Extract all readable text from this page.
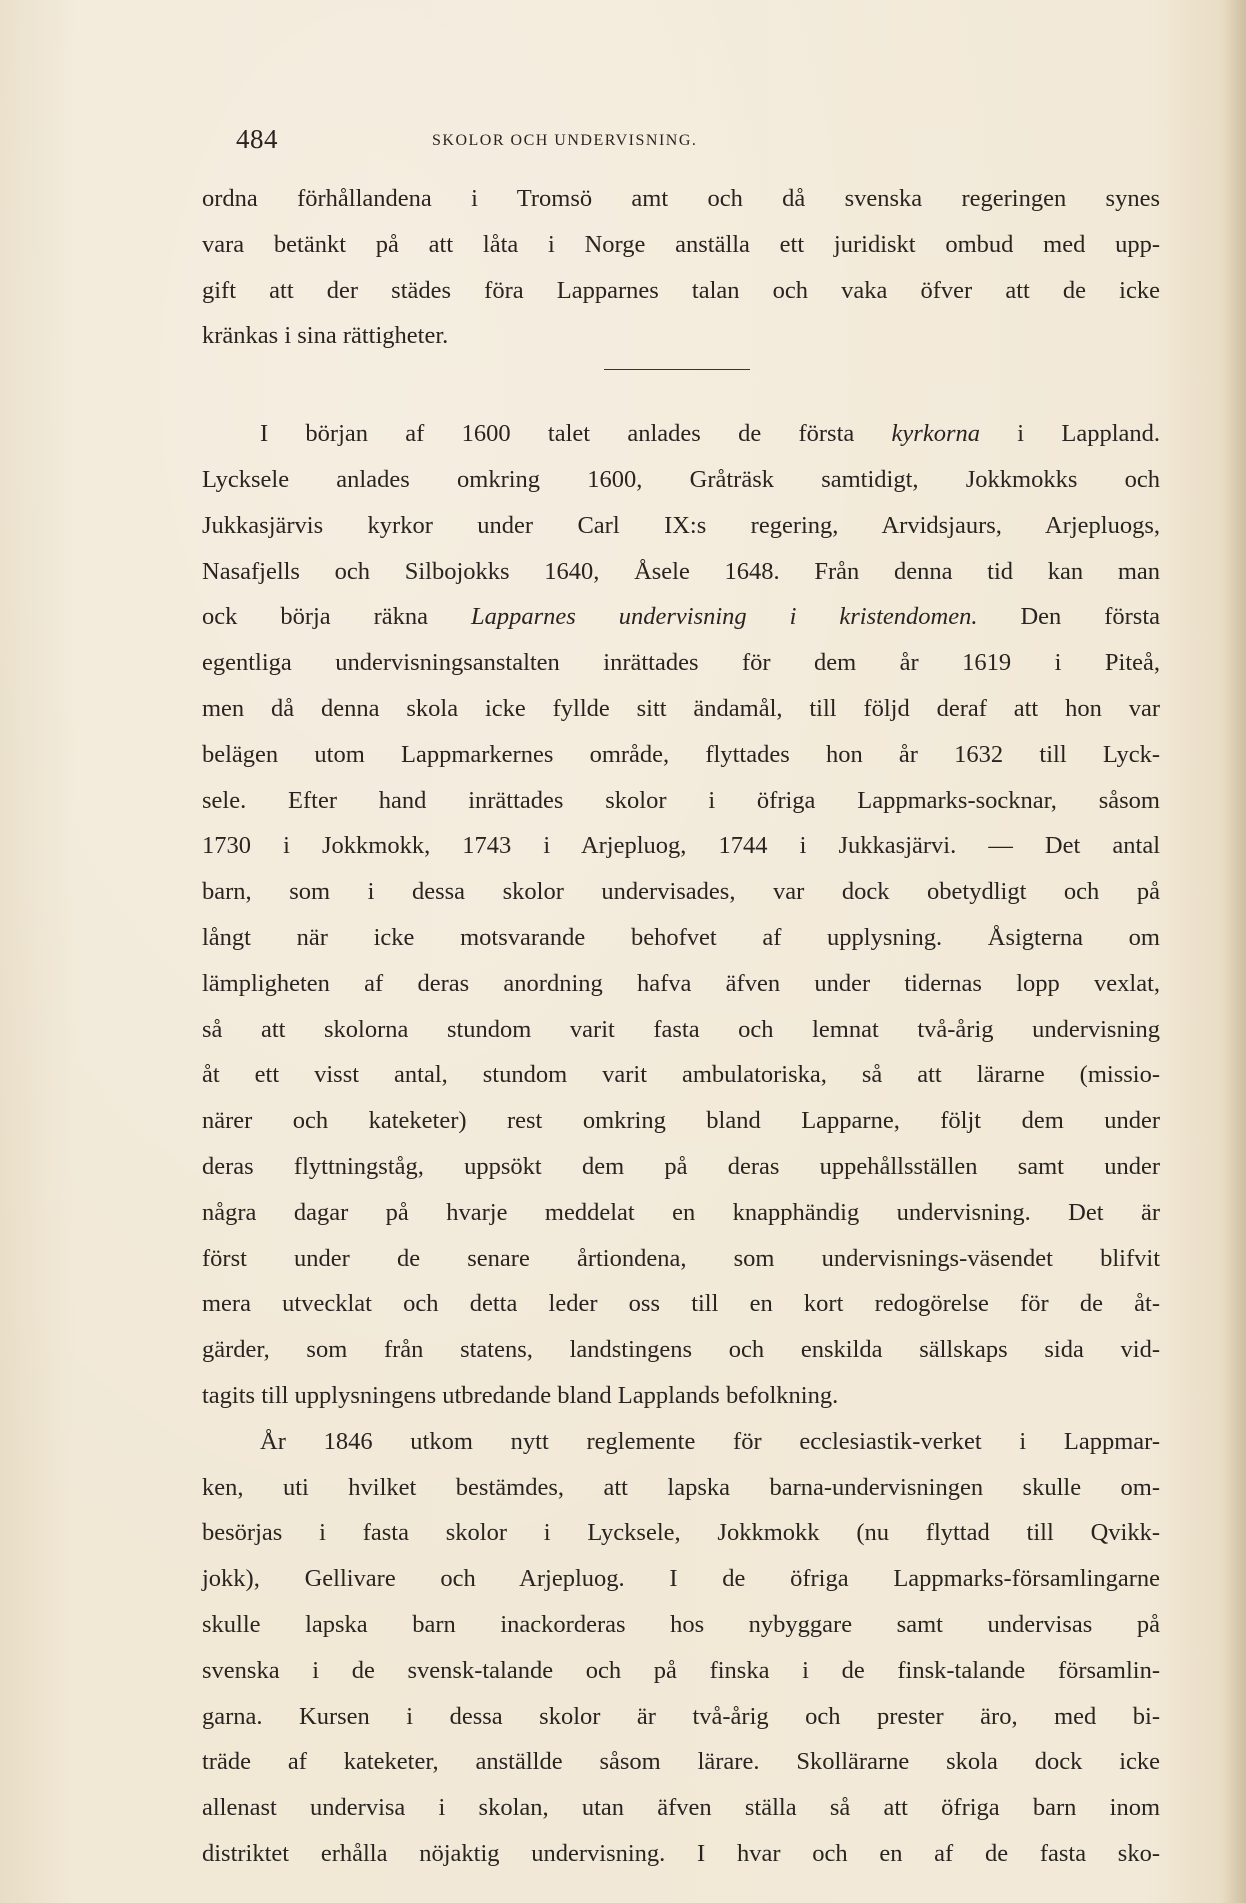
484	SKOLOR OCH UNDERVISNING.
ordna förhållandena i Tromsö amt och då svenska regeringen synes
vara betänkt på att låta i Norge anställa ett juridiskt ombud med upp-
gift att der städes föra Lapparnes talan och vaka öfver att de icke
kränkas i sina rättigheter.
I början af 1600 talet anlades de första kyrkorna i Lappland.
Lycksele anlades omkring 1600, Gråträsk samtidigt, Jokkmokks och
Jukkasjärvis kyrkor under Carl IX:s regering, Arvidsjaurs, Arjepluogs,
Nasafjells och Silbojokks 1640, Åsele 1648. Från denna tid kan man
ock börja räkna Lapparnes undervisning i kristendomen. Den första
egentliga undervisningsanstalten inrättades för dem år 1619 i Piteå,
men då denna skola icke fyllde sitt ändamål, till följd deraf att hon var
belägen utom Lappmarkernes område, flyttades hon år 1632 till Lyck-
sele. Efter hand inrättades skolor i öfriga Lappmarks-socknar, såsom
1730 i Jokkmokk, 1743 i Arjepluog, 1744 i Jukkasjärvi. — Det antal
barn, som i dessa skolor undervisades, var dock obetydligt och på
långt när icke motsvarande behofvet af upplysning. Åsigterna om
lämpligheten af deras anordning hafva äfven under tidernas lopp vexlat,
så att skolorna stundom varit fasta och lemnat två-årig undervisning
åt ett visst antal, stundom varit ambulatoriska, så att lärarne (missio-
närer och kateketer) rest omkring bland Lapparne, följt dem under
deras flyttningståg, uppsökt dem på deras uppehållsställen samt under
några dagar på hvarje meddelat en knapphändig undervisning. Det är
först under de senare årtiondena, som undervisnings-väsendet blifvit
mera utvecklat och detta leder oss till en kort redogörelse för de åt-
gärder, som från statens, landstingens och enskilda sällskaps sida vid-
tagits till upplysningens utbredande bland Lapplands befolkning.
År 1846 utkom nytt reglemente för ecclesiastik-verket i Lappmar-
ken, uti hvilket bestämdes, att lapska barna-undervisningen skulle om-
besörjas i fasta skolor i Lycksele, Jokkmokk (nu flyttad till Qvikk-
jokk), Gellivare och Arjepluog. I de öfriga Lappmarks-församlingarne
skulle lapska barn inackorderas hos nybyggare samt undervisas på
svenska i de svensk-talande och på finska i de finsk-talande församlin-
garna. Kursen i dessa skolor är två-årig och prester äro, med bi-
träde af kateketer, anställde såsom lärare. Skollärarne skola dock icke
allenast undervisa i skolan, utan äfven ställa så att öfriga barn inom
distriktet erhålla nöjaktig undervisning. I hvar och en af de fasta sko-
